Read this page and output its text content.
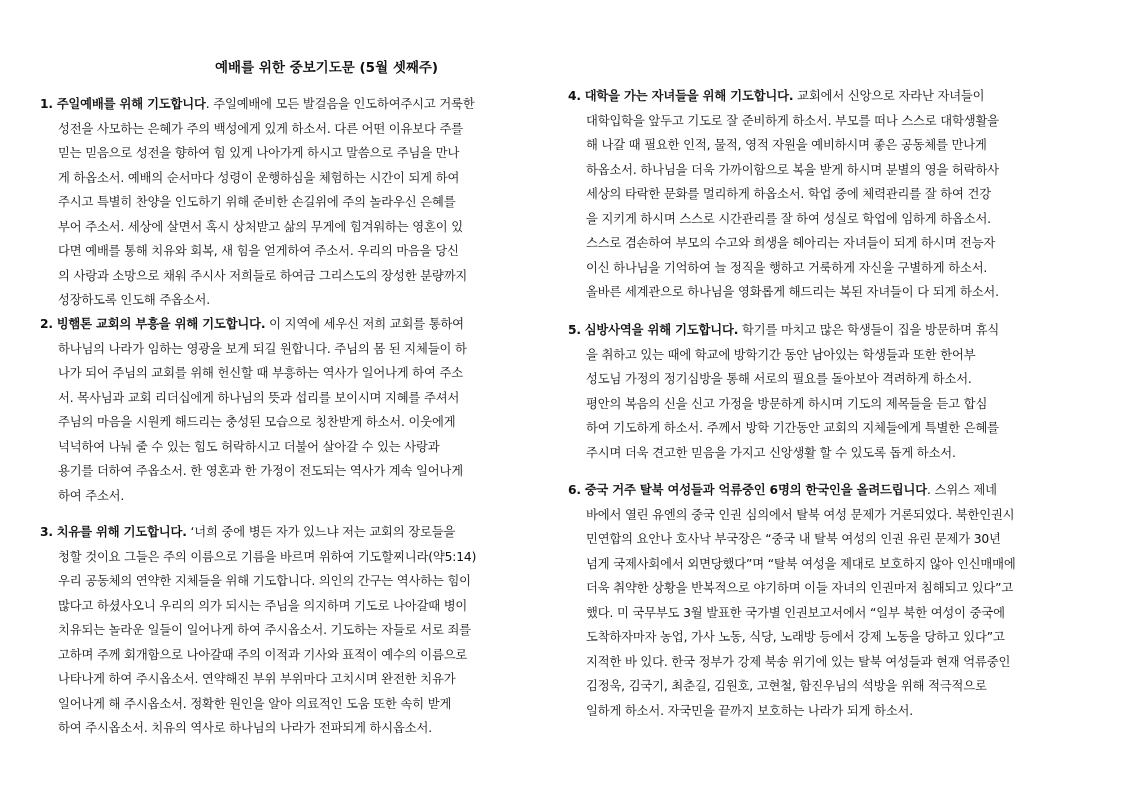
예배를 위한 중보기도문 (5월 셋째주)
1. 주일예배를 위해 기도합니다. 주일예배에 모든 발걸음을 인도하여주시고 거룩한
성전을 사모하는 은혜가 주의 백성에게 있게 하소서. 다른 어떤 이유보다 주를
믿는 믿음으로 성전을 향하여 힘 있게 나아가게 하시고 말씀으로 주님을 만나
게 하옵소서. 예배의 순서마다 성령이 운행하심을 체험하는 시간이 되게 하여
주시고 특별히 찬양을 인도하기 위해 준비한 손길위에 주의 놀라우신 은혜를
부어 주소서. 세상에 살면서 혹시 상처받고 삶의 무게에 힘겨워하는 영혼이 있
다면 예배를 통해 치유와 회복, 새 힘을 얻게하여 주소서. 우리의 마음을 당신
의 사랑과 소망으로 채워 주시사 저희들로 하여금 그리스도의 장성한 분량까지
성장하도록 인도해 주옵소서.
2. 빙햄톤 교회의 부흥을 위해 기도합니다. 이 지역에 세우신 저희 교회를 통하여
하나님의 나라가 임하는 영광을 보게 되길 원합니다. 주님의 몸 된 지체들이 하
나가 되어 주님의 교회를 위해 헌신할 때 부흥하는 역사가 일어나게 하여 주소
서. 목사님과 교회 리더십에게 하나님의 뜻과 섭리를 보이시며 지혜를 주셔서
주님의 마음을 시원케 해드리는 충성된 모습으로 칭찬받게 하소서. 이웃에게
넉넉하여 나눠 줄 수 있는 힘도 허락하시고 더불어 살아갈 수 있는 사랑과
용기를 더하여 주옵소서. 한 영혼과 한 가정이 전도되는 역사가 계속 일어나게
하여 주소서.
3. 치유를 위해 기도합니다. ‘너희 중에 병든 자가 있느냐 저는 교회의 장로들을
청할 것이요 그들은 주의 이름으로 기름을 바르며 위하여 기도할찌니라(약5:14)
우리 공동체의 연약한 지체들을 위해 기도합니다. 의인의 간구는 역사하는 힘이
많다고 하셨사오니 우리의 의가 되시는 주님을 의지하며 기도로 나아갈때 병이
치유되는 놀라운 일들이 일어나게 하여 주시옵소서. 기도하는 자들로 서로 죄를
고하며 주께 회개함으로 나아갈때 주의 이적과 기사와 표적이 예수의 이름으로
나타나게 하여 주시옵소서. 연약해진 부위 부위마다 고치시며 완전한 치유가
일어나게 해 주시옵소서. 정확한 원인을 알아 의료적인 도움 또한 속히 받게
하여 주시옵소서. 치유의 역사로 하나님의 나라가 전파되게 하시옵소서.
4. 대학을 가는 자녀들을 위해 기도합니다. 교회에서 신앙으로 자라난 자녀들이
대학입학을 앞두고 기도로 잘 준비하게 하소서. 부모를 떠나 스스로 대학생활을
해 나갈 때 필요한 인적, 물적, 영적 자원을 예비하시며 좋은 공동체를 만나게
하옵소서. 하나님을 더욱 가까이함으로 복을 받게 하시며 분별의 영을 허락하사
세상의 타락한 문화를 멀리하게 하옵소서. 학업 중에 체력관리를 잘 하여 건강
을 지키게 하시며 스스로 시간관리를 잘 하여 성실로 학업에 임하게 하옵소서.
스스로 겸손하여 부모의 수고와 희생을 헤아리는 자녀들이 되게 하시며 전능자
이신 하나님을 기억하여 늘 정직을 행하고 거룩하게 자신을 구별하게 하소서.
올바른 세계관으로 하나님을 영화롭게 해드리는 복된 자녀들이 다 되게 하소서.
5. 심방사역을 위해 기도합니다. 학기를 마치고 많은 학생들이 집을 방문하며 휴식
을 취하고 있는 때에 학교에 방학기간 동안 남아있는 학생들과 또한 한어부
성도님 가정의 정기심방을 통해 서로의 필요를 돌아보아 격려하게 하소서.
평안의 복음의 신을 신고 가정을 방문하게 하시며 기도의 제목들을 듣고 합심
하여 기도하게 하소서. 주께서 방학 기간동안 교회의 지체들에게 특별한 은혜를
주시며 더욱 견고한 믿음을 가지고 신앙생활 할 수 있도록 돕게 하소서.
6. 중국 거주 탈북 여성들과 억류중인 6명의 한국인을 올려드립니다. 스위스 제네
바에서 열린 유엔의 중국 인권 심의에서 탈북 여성 문제가 거론되었다. 북한인권시
민연합의 요안나 호사낙 부국장은 “중국 내 탈북 여성의 인권 유린 문제가 30년
넘게 국제사회에서 외면당했다”며 “탈북 여성을 제대로 보호하지 않아 인신매매에
더욱 취약한 상황을 반복적으로 야기하며 이들 자녀의 인권마저 침해되고 있다”고
했다. 미 국무부도 3월 발표한 국가별 인권보고서에서 “일부 북한 여성이 중국에
도착하자마자 농업, 가사 노동, 식당, 노래방 등에서 강제 노동을 당하고 있다”고
지적한 바 있다. 한국 정부가 강제 북송 위기에 있는 탈북 여성들과 현재 억류중인
김정욱, 김국기, 최춘길, 김원호, 고현철, 함진우님의 석방을 위해 적극적으로
일하게 하소서. 자국민을 끝까지 보호하는 나라가 되게 하소서.
